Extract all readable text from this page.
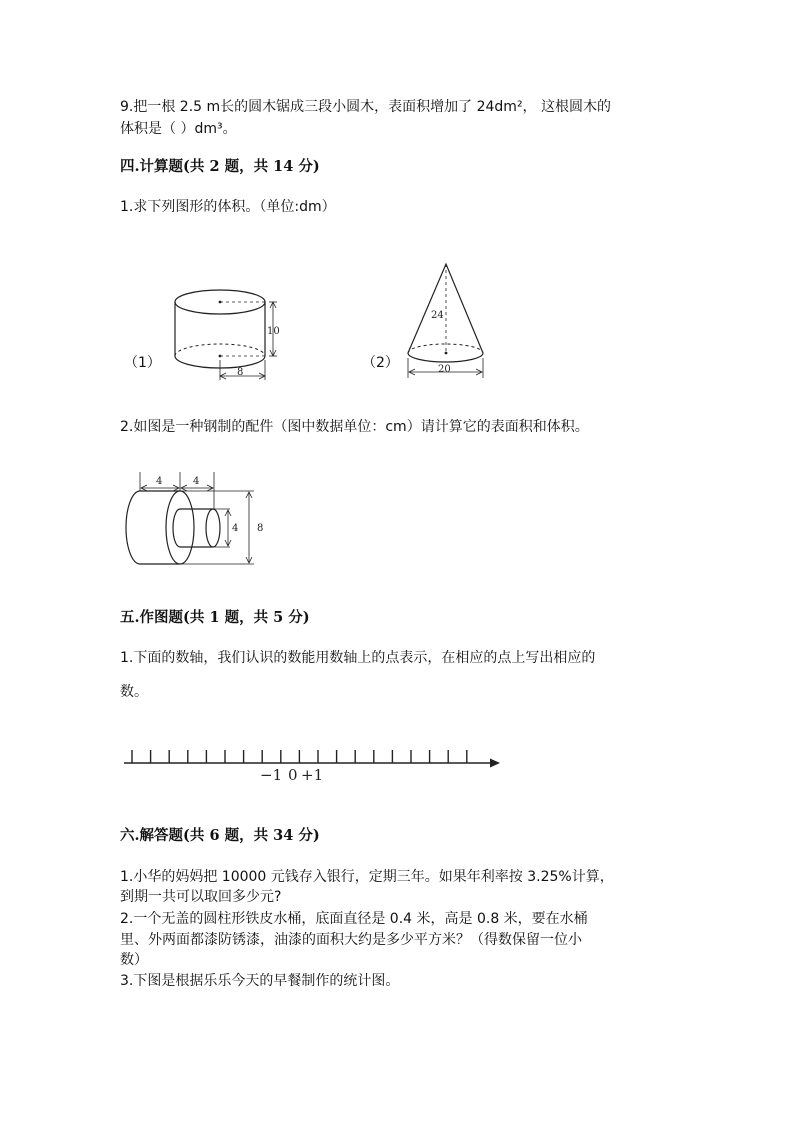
9.把一根 2.5 m长的圆木锯成三段小圆木，表面积增加了 24dm²， 这根圆木的

体积是（ ）dm³。

四.计算题(共 2 题，共 14 分)

1.求下列图形的体积。（单位:dm）

（1）

10
8

（2）

24
20

2.如图是一种钢制的配件（图中数据单位：cm）请计算它的表面积和体积。

4	4
4 8

五.作图题(共 1 题，共 5 分)

1.下面的数轴，我们认识的数能用数轴上的点表示，在相应的点上写出相应的

数。

−1 0 +1

六.解答题(共 6 题，共 34 分)

1.小华的妈妈把 10000 元钱存入银行，定期三年。如果年利率按 3.25%计算，

到期一共可以取回多少元?

2.一个无盖的圆柱形铁皮水桶，底面直径是 0.4 米，高是 0.8 米，要在水桶

里、外两面都漆防锈漆，油漆的面积大约是多少平方米？（得数保留一位小

数）

3.下图是根据乐乐今天的早餐制作的统计图。
